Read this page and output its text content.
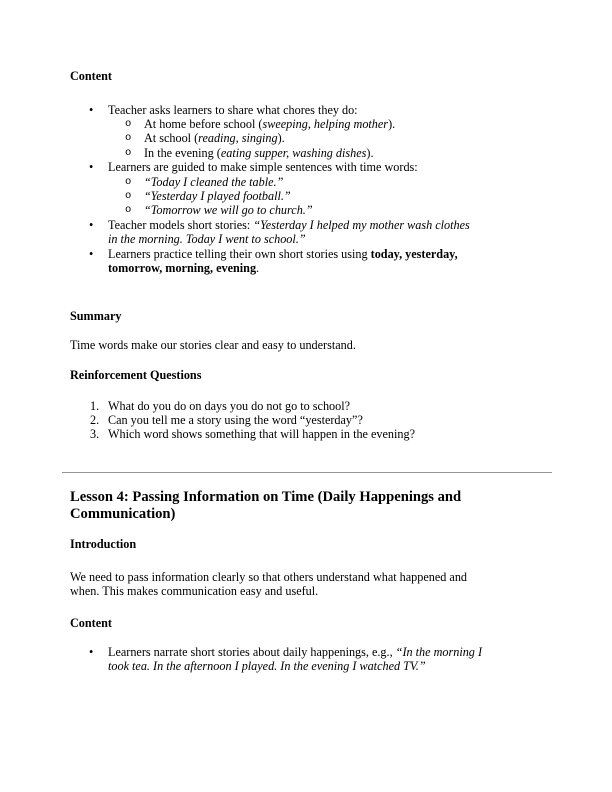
Content
• Teacher asks learners to share what chores they do:
o At home before school (sweeping, helping mother).
o At school (reading, singing).
o In the evening (eating supper, washing dishes).
• Learners are guided to make simple sentences with time words:
o “Today I cleaned the table.”
o “Yesterday I played football.”
o “Tomorrow we will go to church.”
• Teacher models short stories: “Yesterday I helped my mother wash clothes
in the morning. Today I went to school.”
• Learners practice telling their own short stories using today, yesterday,
tomorrow, morning, evening.
Summary
Time words make our stories clear and easy to understand.
Reinforcement Questions
1. What do you do on days you do not go to school?
2. Can you tell me a story using the word “yesterday”?
3. Which word shows something that will happen in the evening?
Lesson 4: Passing Information on Time (Daily Happenings and
Communication)
Introduction
We need to pass information clearly so that others understand what happened and
when. This makes communication easy and useful.
Content
• Learners narrate short stories about daily happenings, e.g., “In the morning I
took tea. In the afternoon I played. In the evening I watched TV.”
